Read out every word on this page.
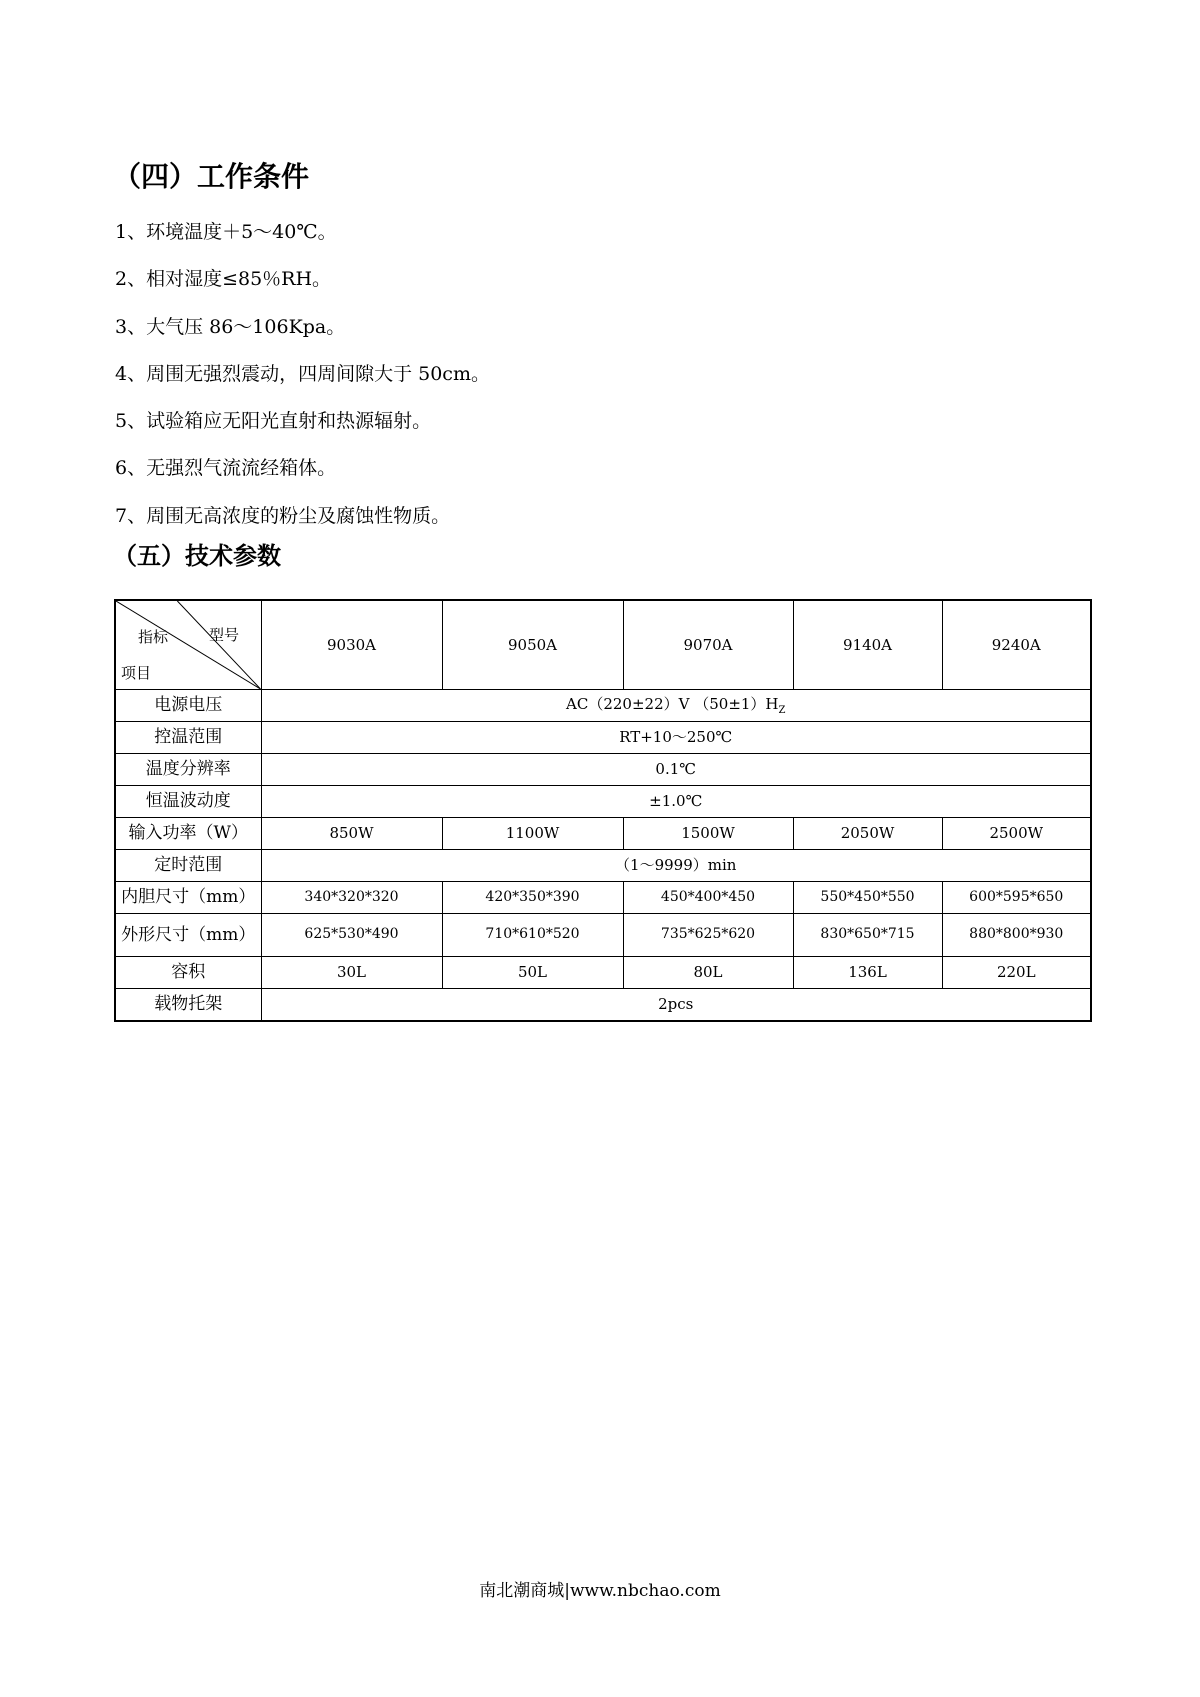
（四）工作条件
1、环境温度＋5～40℃。
2、相对湿度≤85％RH。
3、大气压 86～106Kpa。
4、周围无强烈震动，四周间隙大于 50cm。
5、试验箱应无阳光直射和热源辐射。
6、无强烈气流流经箱体。
7、周围无高浓度的粉尘及腐蚀性物质。
（五）技术参数
指标 型号
项目	9030A	9050A	9070A	9140A	9240A
电源电压	AC（220±22）V $(50\pm 1)H_Z$
控温范围	RT+10～250℃				
温度分辨率	0.1℃				
恒温波动度	±1.0℃				
输入功率（W）	850W	1100W	1500W	2050W	2500W
定时范围	（1～9999）min				
内胆尺寸（mm）	340*320*320	420*350*390	450*400*450	550*450*550	600*595*650
外形尺寸（mm）	625*530*490	710*610*520	735*625*620	830*650*715	880*800*930
容积	30L	50L	80L	136L	220L
载物托架	2pcs				
南北潮商城|www.nbchao.com
